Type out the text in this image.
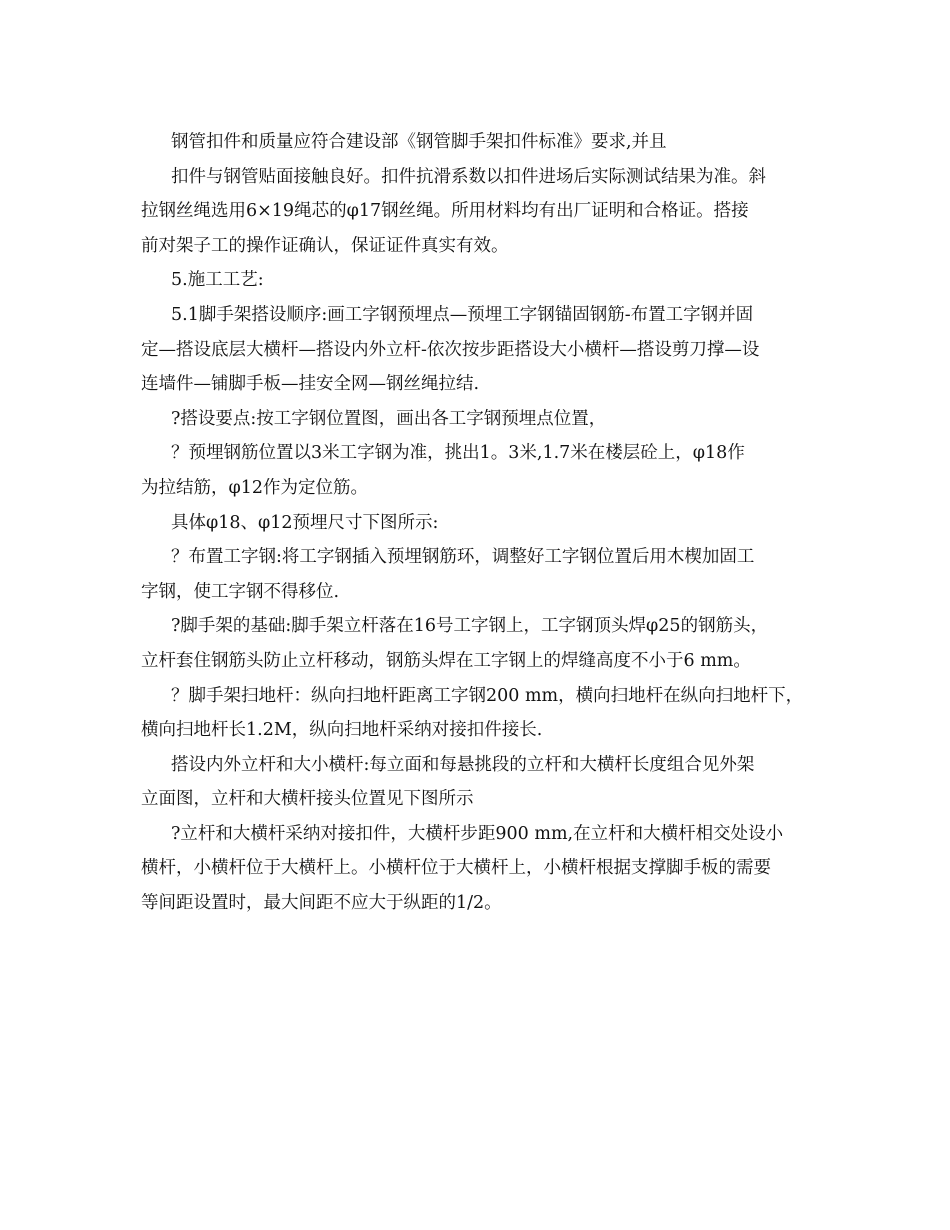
钢管扣件和质量应符合建设部《钢管脚手架扣件标准》要求,并且
扣件与钢管贴面接触良好。扣件抗滑系数以扣件进场后实际测试结果为准。斜
拉钢丝绳选用6×19绳芯的φ17钢丝绳。所用材料均有出厂证明和合格证。搭接
前对架子工的操作证确认，保证证件真实有效。
5.施工工艺:
5.1脚手架搭设顺序:画工字钢预埋点—预埋工字钢锚固钢筋-布置工字钢并固
定—搭设底层大横杆—搭设内外立杆-依次按步距搭设大小横杆—搭设剪刀撑—设
连墙件—铺脚手板—挂安全网—钢丝绳拉结.
?搭设要点:按工字钢位置图，画出各工字钢预埋点位置，
？预埋钢筋位置以3米工字钢为准，挑出1。3米,1.7米在楼层砼上，φ18作
为拉结筋，φ12作为定位筋。
具体φ18、φ12预埋尺寸下图所示:
？布置工字钢:将工字钢插入预埋钢筋环，调整好工字钢位置后用木楔加固工
字钢，使工字钢不得移位.
?脚手架的基础:脚手架立杆落在16号工字钢上，工字钢顶头焊φ25的钢筋头，
立杆套住钢筋头防止立杆移动，钢筋头焊在工字钢上的焊缝高度不小于6 mm。
？脚手架扫地杆：纵向扫地杆距离工字钢200 mm，横向扫地杆在纵向扫地杆下，
横向扫地杆长1.2M，纵向扫地杆采纳对接扣件接长.
搭设内外立杆和大小横杆:每立面和每悬挑段的立杆和大横杆长度组合见外架
立面图，立杆和大横杆接头位置见下图所示
?立杆和大横杆采纳对接扣件，大横杆步距900 mm,在立杆和大横杆相交处设小
横杆，小横杆位于大横杆上。小横杆位于大横杆上，小横杆根据支撑脚手板的需要
等间距设置时，最大间距不应大于纵距的1/2。
